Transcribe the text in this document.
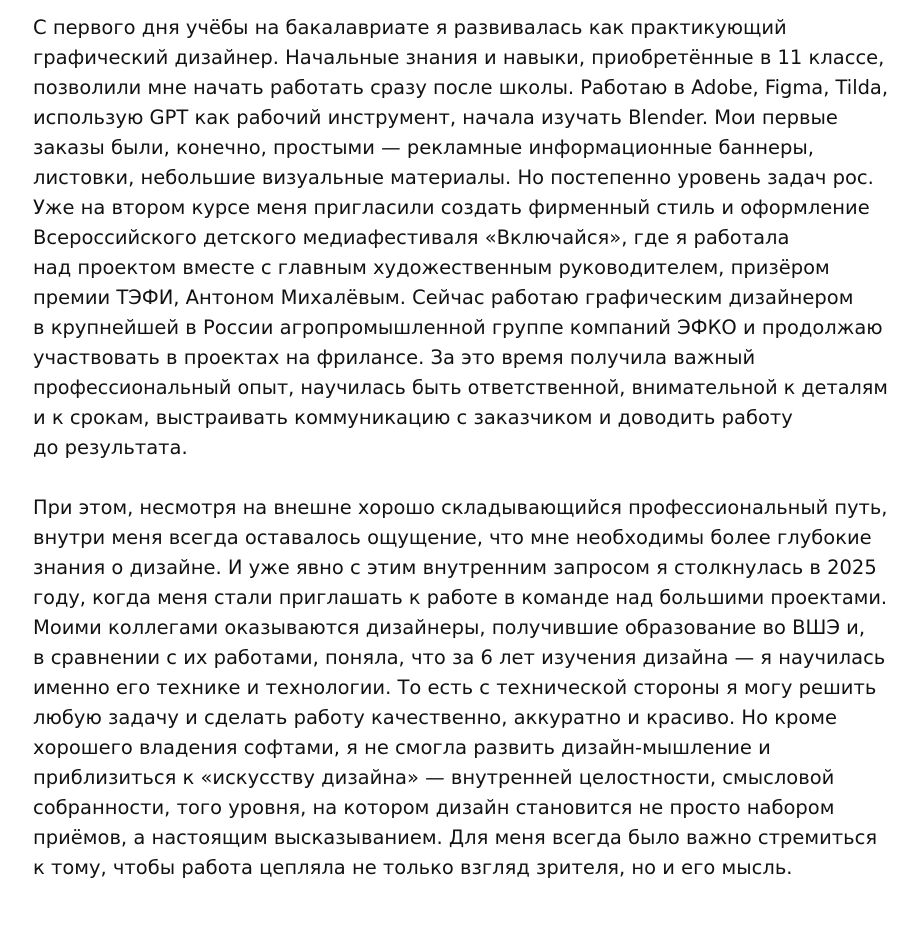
С первого дня учёбы на бакалавриате я развивалась как практикующий
графический дизайнер. Начальные знания и навыки, приобретённые в 11 классе,
позволили мне начать работать сразу после школы. Работаю в Adobe, Figma, Tilda,
использую GPT как рабочий инструмент, начала изучать Blender. Мои первые
заказы были, конечно, простыми — рекламные информационные баннеры,
листовки, небольшие визуальные материалы. Но постепенно уровень задач рос.
Уже на втором курсе меня пригласили создать фирменный стиль и оформление
Всероссийского детского медиафестиваля «Включайся», где я работала
над проектом вместе с главным художественным руководителем, призёром
премии ТЭФИ, Антоном Михалёвым. Сейчас работаю графическим дизайнером
в крупнейшей в России агропромышленной группе компаний ЭФКО и продолжаю
участвовать в проектах на фрилансе. За это время получила важный
профессиональный опыт, научилась быть ответственной, внимательной к деталям
и к срокам, выстраивать коммуникацию с заказчиком и доводить работу
до результата.

При этом, несмотря на внешне хорошо складывающийся профессиональный путь,
внутри меня всегда оставалось ощущение, что мне необходимы более глубокие
знания о дизайне. И уже явно с этим внутренним запросом я столкнулась в 2025
году, когда меня стали приглашать к работе в команде над большими проектами.
Моими коллегами оказываются дизайнеры, получившие образование во ВШЭ и,
в сравнении с их работами, поняла, что за 6 лет изучения дизайна — я научилась
именно его технике и технологии. То есть с технической стороны я могу решить
любую задачу и сделать работу качественно, аккуратно и красиво. Но кроме
хорошего владения софтами, я не смогла развить дизайн-мышление и
приблизиться к «искусству дизайна» — внутренней целостности, смысловой
собранности, того уровня, на котором дизайн становится не просто набором
приёмов, а настоящим высказыванием. Для меня всегда было важно стремиться
к тому, чтобы работа цепляла не только взгляд зрителя, но и его мысль.
